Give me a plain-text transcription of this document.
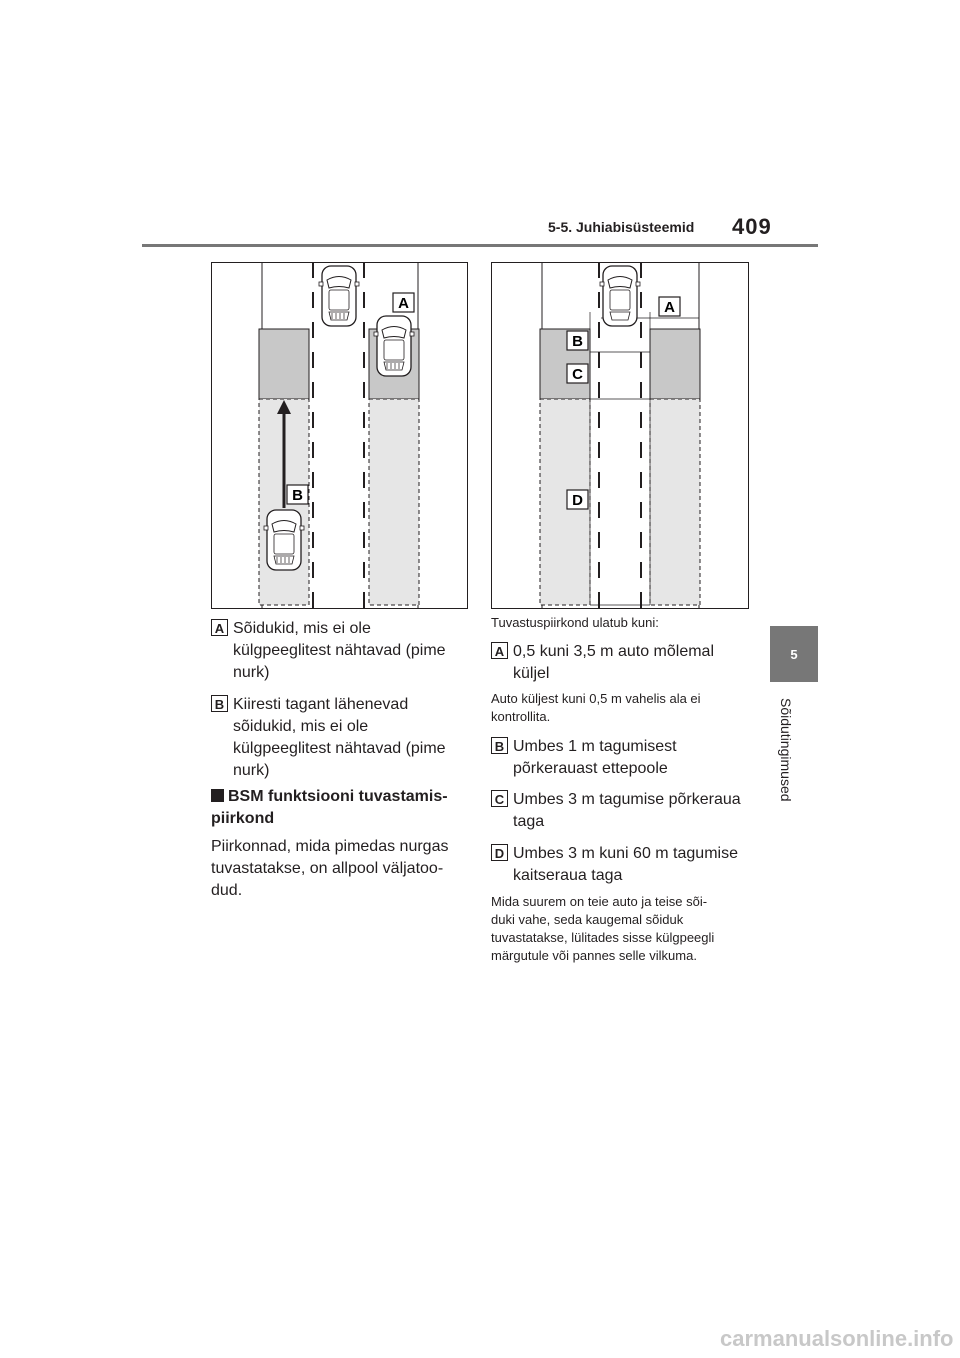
5-5. Juhiabisüsteemid 409
5
Sõidutingimused
A
B
A
B
C
D
A Sõidukid, mis ei ole
külgpeeglitest nähtavad (pime
nurk)
B Kiiresti tagant lähenevad
sõidukid, mis ei ole
külgpeeglitest nähtavad (pime
nurk)
BSM funktsiooni tuvastamis-
piirkond
Piirkonnad, mida pimedas nurgas
tuvastatakse, on allpool väljatoo-
dud.
Tuvastuspiirkond ulatub kuni:
A 0,5 kuni 3,5 m auto mõlemal
küljel
Auto küljest kuni 0,5 m vahelis ala ei
kontrollita.
B Umbes 1 m tagumisest
põrkerauast ettepoole
C Umbes 3 m tagumise põrkeraua
taga
D Umbes 3 m kuni 60 m tagumise
kaitseraua taga
Mida suurem on teie auto ja teise sõi-
duki vahe, seda kaugemal sõiduk
tuvastatakse, lülitades sisse külgpeegli
märgutule või pannes selle vilkuma.
carmanualsonline.info
